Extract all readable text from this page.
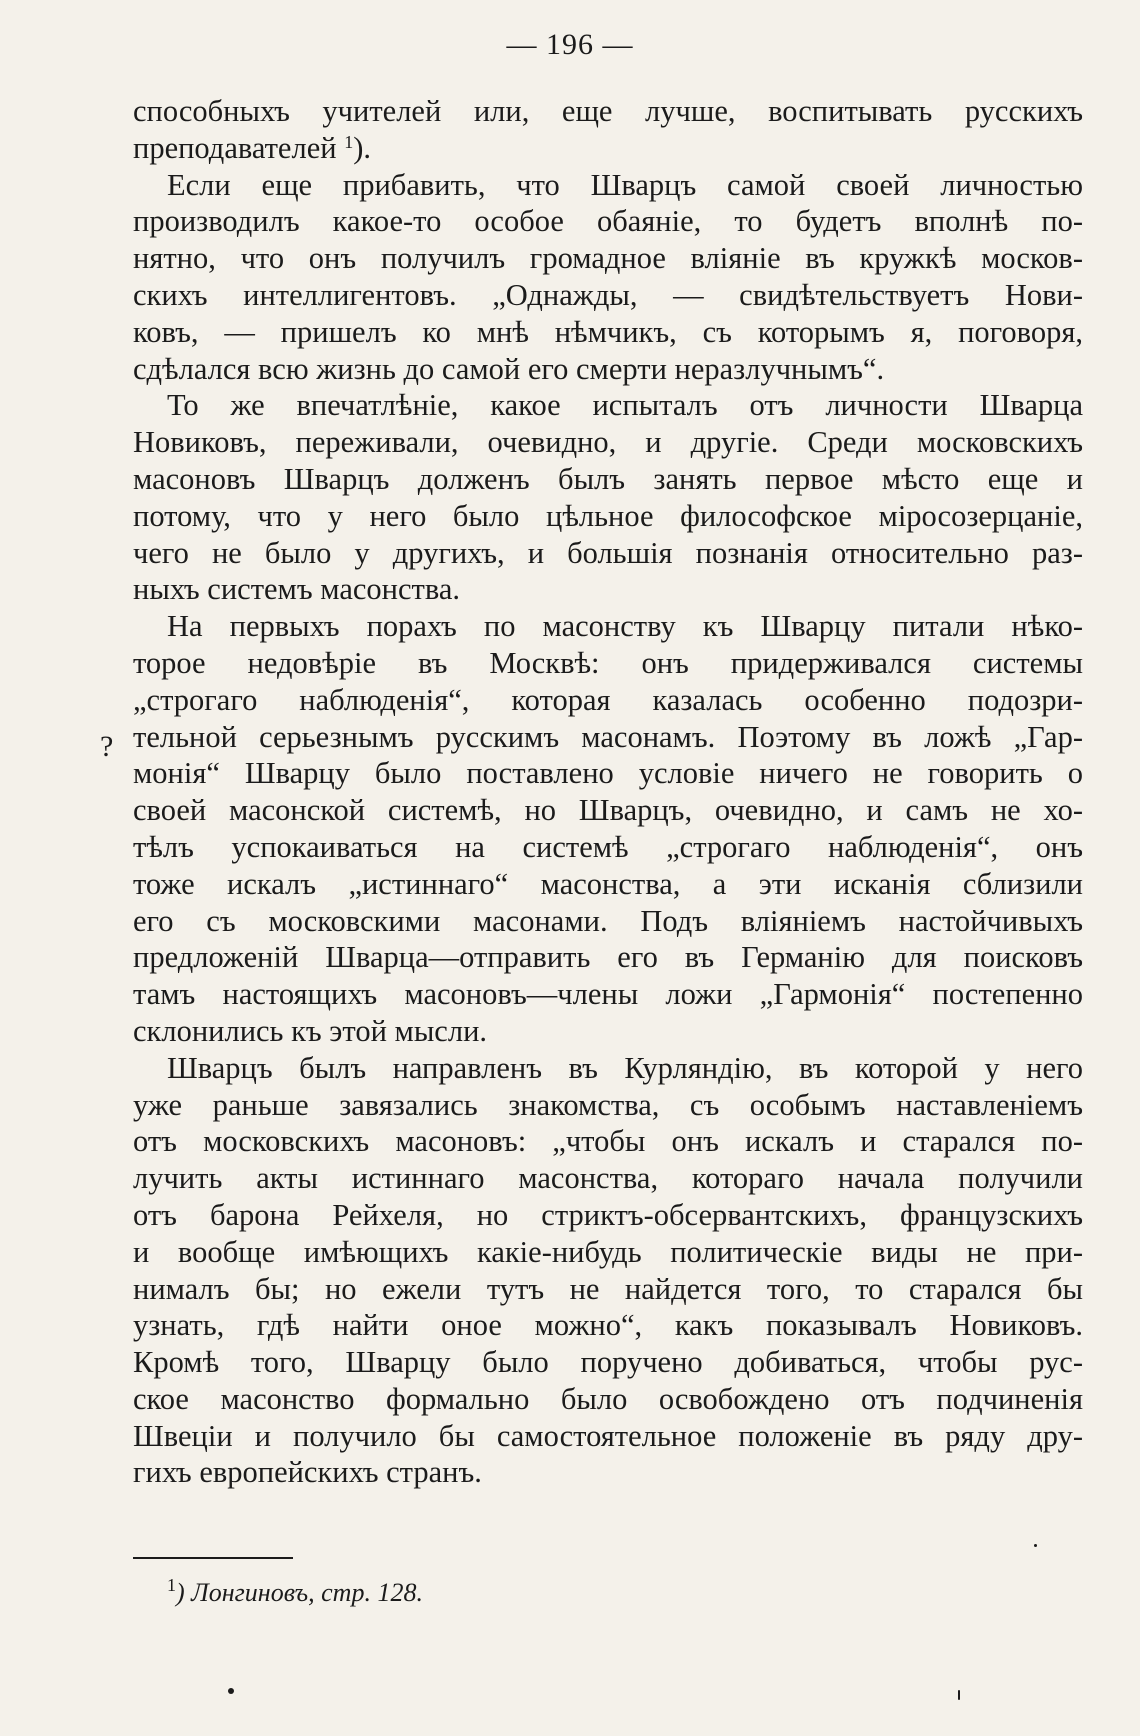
— 196 —
способныхъ учителей или, еще лучше, воспитывать русскихъ
преподавателей $^1$).
Если еще прибавить, что Шварцъ самой своей личностью
производилъ какое-то особое обаяніе, то будетъ вполнѣ по-
нятно, что онъ получилъ громадное вліяніе въ кружкѣ москов-
скихъ интеллигентовъ. „Однажды, — свидѣтельствуетъ Нови-
ковъ, — пришелъ ко мнѣ нѣмчикъ, съ которымъ я, поговоря,
сдѣлался всю жизнь до самой его смерти неразлучнымъ“.
То же впечатлѣніе, какое испыталъ отъ личности Шварца
Новиковъ, переживали, очевидно, и другіе. Среди московскихъ
масоновъ Шварцъ долженъ былъ занять первое мѣсто еще и
потому, что у него было цѣльное философское міросозерцаніе,
чего не было у другихъ, и большія познанія относительно раз-
ныхъ системъ масонства.
На первыхъ порахъ по масонству къ Шварцу питали нѣко-
торое недовѣріе въ Москвѣ: онъ придерживался системы
„строгаго наблюденія“, которая казалась особенно подозри-
тельной серьезнымъ русскимъ масонамъ. Поэтому въ ложѣ „Гар-
монія“ Шварцу было поставлено условіе ничего не говорить о
своей масонской системѣ, но Шварцъ, очевидно, и самъ не хо-
тѣлъ успокаиваться на системѣ „строгаго наблюденія“, онъ
тоже искалъ „истиннаго“ масонства, а эти исканія сблизили
его съ московскими масонами. Подъ вліяніемъ настойчивыхъ
предложеній Шварца—отправить его въ Германію для поисковъ
тамъ настоящихъ масоновъ—члены ложи „Гармонія“ постепенно
склонились къ этой мысли.
Шварцъ былъ направленъ въ Курляндію, въ которой у него
уже раньше завязались знакомства, съ особымъ наставленіемъ
отъ московскихъ масоновъ: „чтобы онъ искалъ и старался по-
лучить акты истиннаго масонства, котораго начала получили
отъ барона Рейхеля, но стриктъ-обсервантскихъ, французскихъ
и вообще имѣющихъ какіе-нибудь политическіе виды не при-
нималъ бы; но ежели тутъ не найдется того, то старался бы
узнать, гдѣ найти оное можно“, какъ показывалъ Новиковъ.
Кромѣ того, Шварцу было поручено добиваться, чтобы рус-
ское масонство формально было освобождено отъ подчиненія
Швеціи и получило бы самостоятельное положеніе въ ряду дру-
гихъ европейскихъ странъ.
?
$^1$) Лонгиновъ, стр. 128.
